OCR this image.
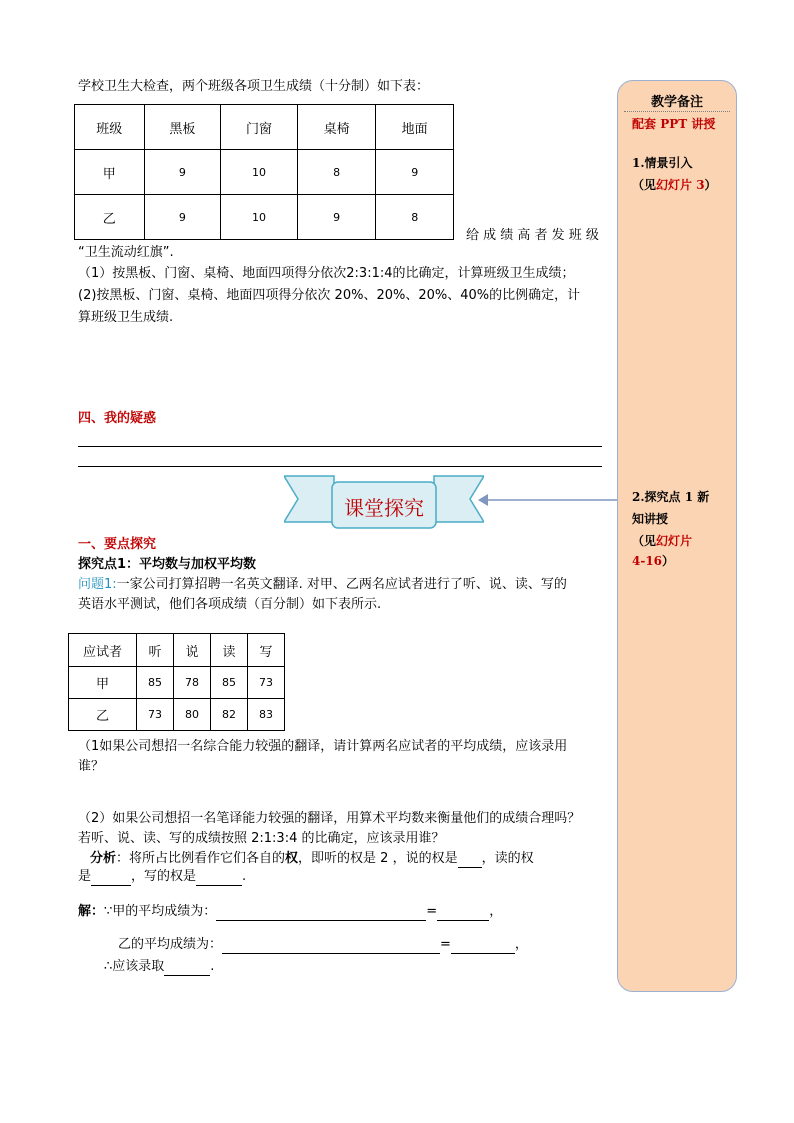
学校卫生大检查，两个班级各项卫生成绩（十分制）如下表：
班级	黑板	门窗	桌椅	地面
甲	9	10	8	9
乙	9	10	9	8
给 成 绩 高 者 发 班 级
“卫生流动红旗”.
（1）按黑板、门窗、桌椅、地面四项得分依次2:3:1:4的比确定，计算班级卫生成绩；
(2)按黑板、门窗、桌椅、地面四项得分依次 20%、20%、20%、40%的比例确定，计
算班级卫生成绩.
四、我的疑惑
课堂探究
一、要点探究
探究点1：平均数与加权平均数
问题1:一家公司打算招聘一名英文翻译. 对甲、乙两名应试者进行了听、说、读、写的
英语水平测试，他们各项成绩（百分制）如下表所示.
应试者	听	说	读	写
甲	85	78	85	73
乙	73	80	82	83
（1如果公司想招一名综合能力较强的翻译，请计算两名应试者的平均成绩，应该录用
谁？
（2）如果公司想招一名笔译能力较强的翻译，用算术平均数来衡量他们的成绩合理吗？
若听、说、读、写的成绩按照 2:1:3:4 的比确定，应该录用谁？
分析：将所占比例看作它们各自的权，即听的权是 2 ，说的权是 ，读的权
是	，写的权是	.
解：∵甲的平均成绩为：	=	，
乙的平均成绩为：	=	，
∴应该录取	.
教学备注
配套 PPT 讲授
1.情景引入
（见幻灯片 3）
2.探究点 1 新
知讲授
（见幻灯片
4-16）
